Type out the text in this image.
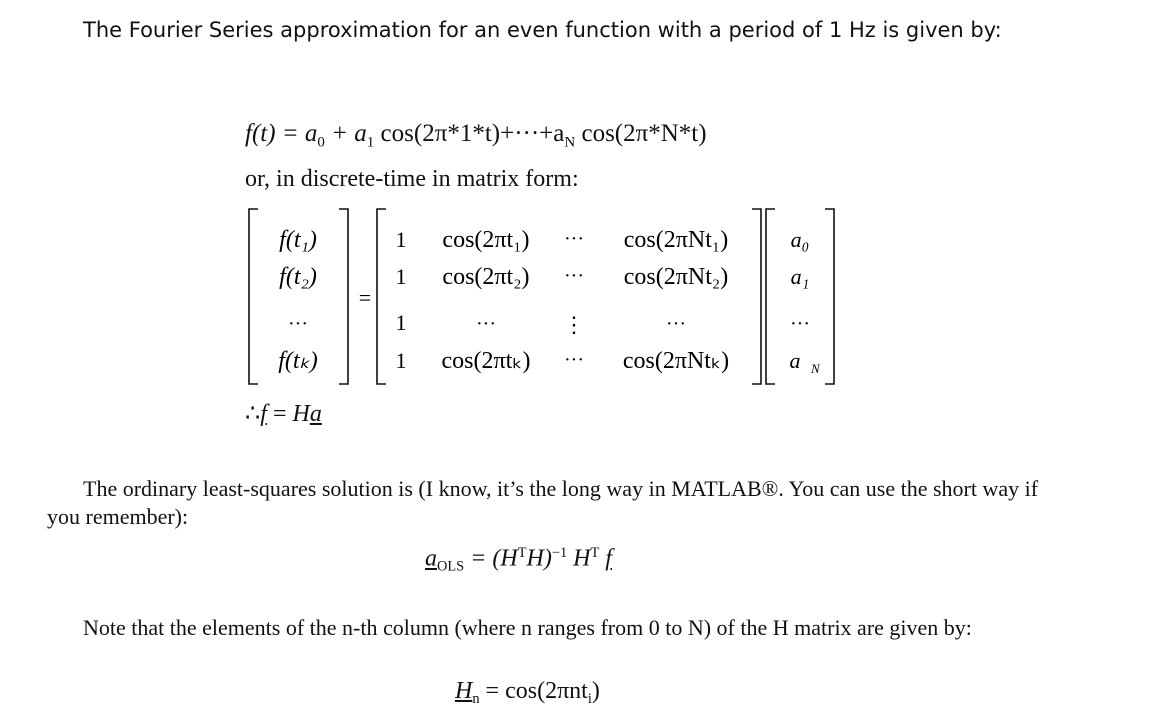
The Fourier Series approximation for an even function with a period of 1 Hz is given by:
$f(t) = a_0 + a_1$ $\cos(2\pi*1*t)+\cdot\cdot\cdot+a_N$ cos(2π*N*t)
or, in discrete-time in matrix form:
f(t₁)
f(t₂)
···
f(tₖ)
=
1 cos(2πt₁) ··· cos(2πNt₁)
1 cos(2πt₂) ··· cos(2πNt₂)
1	···	⋮	···
1 cos(2πtₖ) ··· cos(2πNtₖ)
a₀
a₁
···
a N
∴f = Ha
The ordinary least-squares solution is (I know, it’s the long way in MATLAB®. You can use the short way if you remember):
$a_{OLS} = (H^TH)^{-1}$ $H^T$ f
Note that the elements of the n-th column (where n ranges from 0 to N) of the H matrix are given by:
$H_n = \cos(2\pi nt_i)$
